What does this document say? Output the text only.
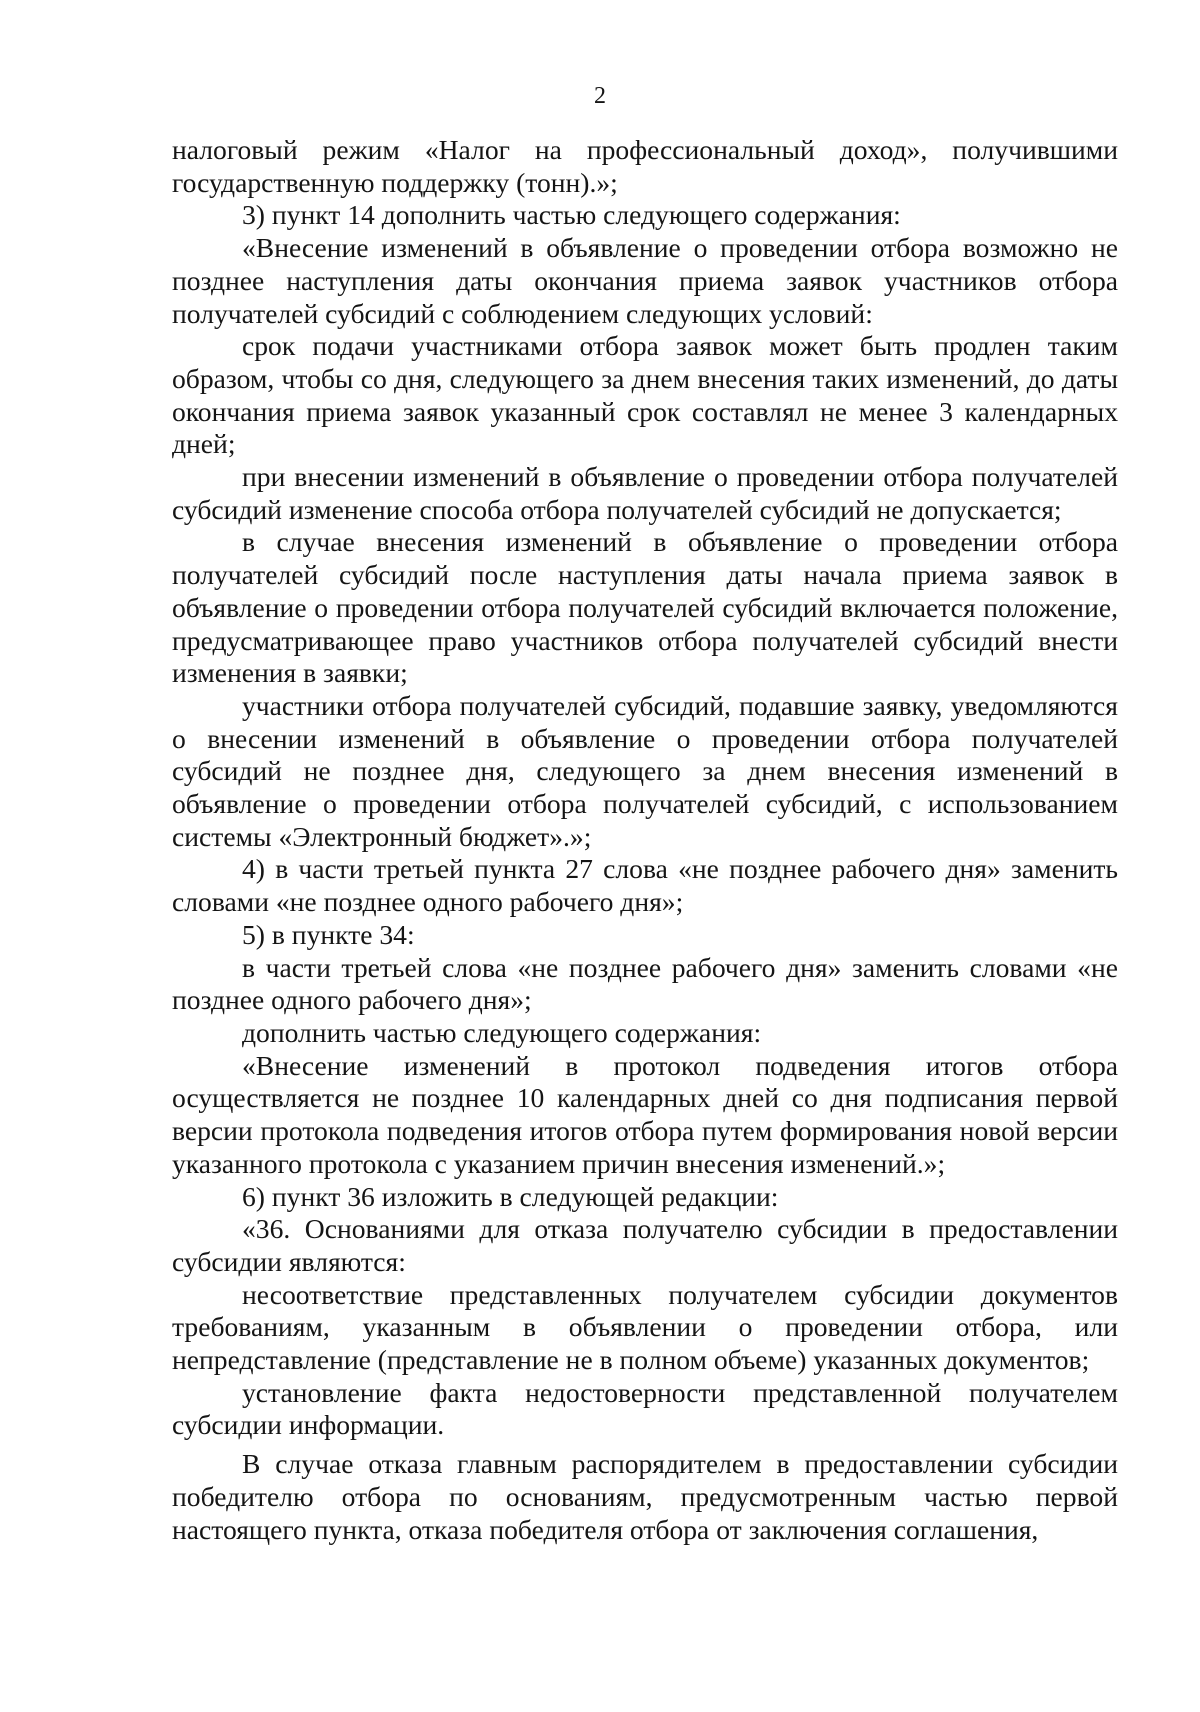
2

налоговый режим «Налог на профессиональный доход», получившими государственную поддержку (тонн).»;

3) пункт 14 дополнить частью следующего содержания:

«Внесение изменений в объявление о проведении отбора возможно не позднее наступления даты окончания приема заявок участников отбора получателей субсидий с соблюдением следующих условий:

срок подачи участниками отбора заявок может быть продлен таким образом, чтобы со дня, следующего за днем внесения таких изменений, до даты окончания приема заявок указанный срок составлял не менее 3 календарных дней;

при внесении изменений в объявление о проведении отбора получателей субсидий изменение способа отбора получателей субсидий не допускается;

в случае внесения изменений в объявление о проведении отбора получателей субсидий после наступления даты начала приема заявок в объявление о проведении отбора получателей субсидий включается положение, предусматривающее право участников отбора получателей субсидий внести изменения в заявки;

участники отбора получателей субсидий, подавшие заявку, уведомляются о внесении изменений в объявление о проведении отбора получателей субсидий не позднее дня, следующего за днем внесения изменений в объявление о проведении отбора получателей субсидий, с использованием системы «Электронный бюджет».»;

4) в части третьей пункта 27 слова «не позднее рабочего дня» заменить словами «не позднее одного рабочего дня»;

5) в пункте 34:

в части третьей слова «не позднее рабочего дня» заменить словами «не позднее одного рабочего дня»;

дополнить частью следующего содержания:

«Внесение изменений в протокол подведения итогов отбора осуществляется не позднее 10 календарных дней со дня подписания первой версии протокола подведения итогов отбора путем формирования новой версии указанного протокола с указанием причин внесения изменений.»;

6) пункт 36 изложить в следующей редакции:

«36. Основаниями для отказа получателю субсидии в предоставлении субсидии являются:

несоответствие представленных получателем субсидии документов требованиям, указанным в объявлении о проведении отбора, или непредставление (представление не в полном объеме) указанных документов;

установление факта недостоверности представленной получателем субсидии информации.

В случае отказа главным распорядителем в предоставлении субсидии победителю отбора по основаниям, предусмотренным частью первой настоящего пункта, отказа победителя отбора от заключения соглашения,
